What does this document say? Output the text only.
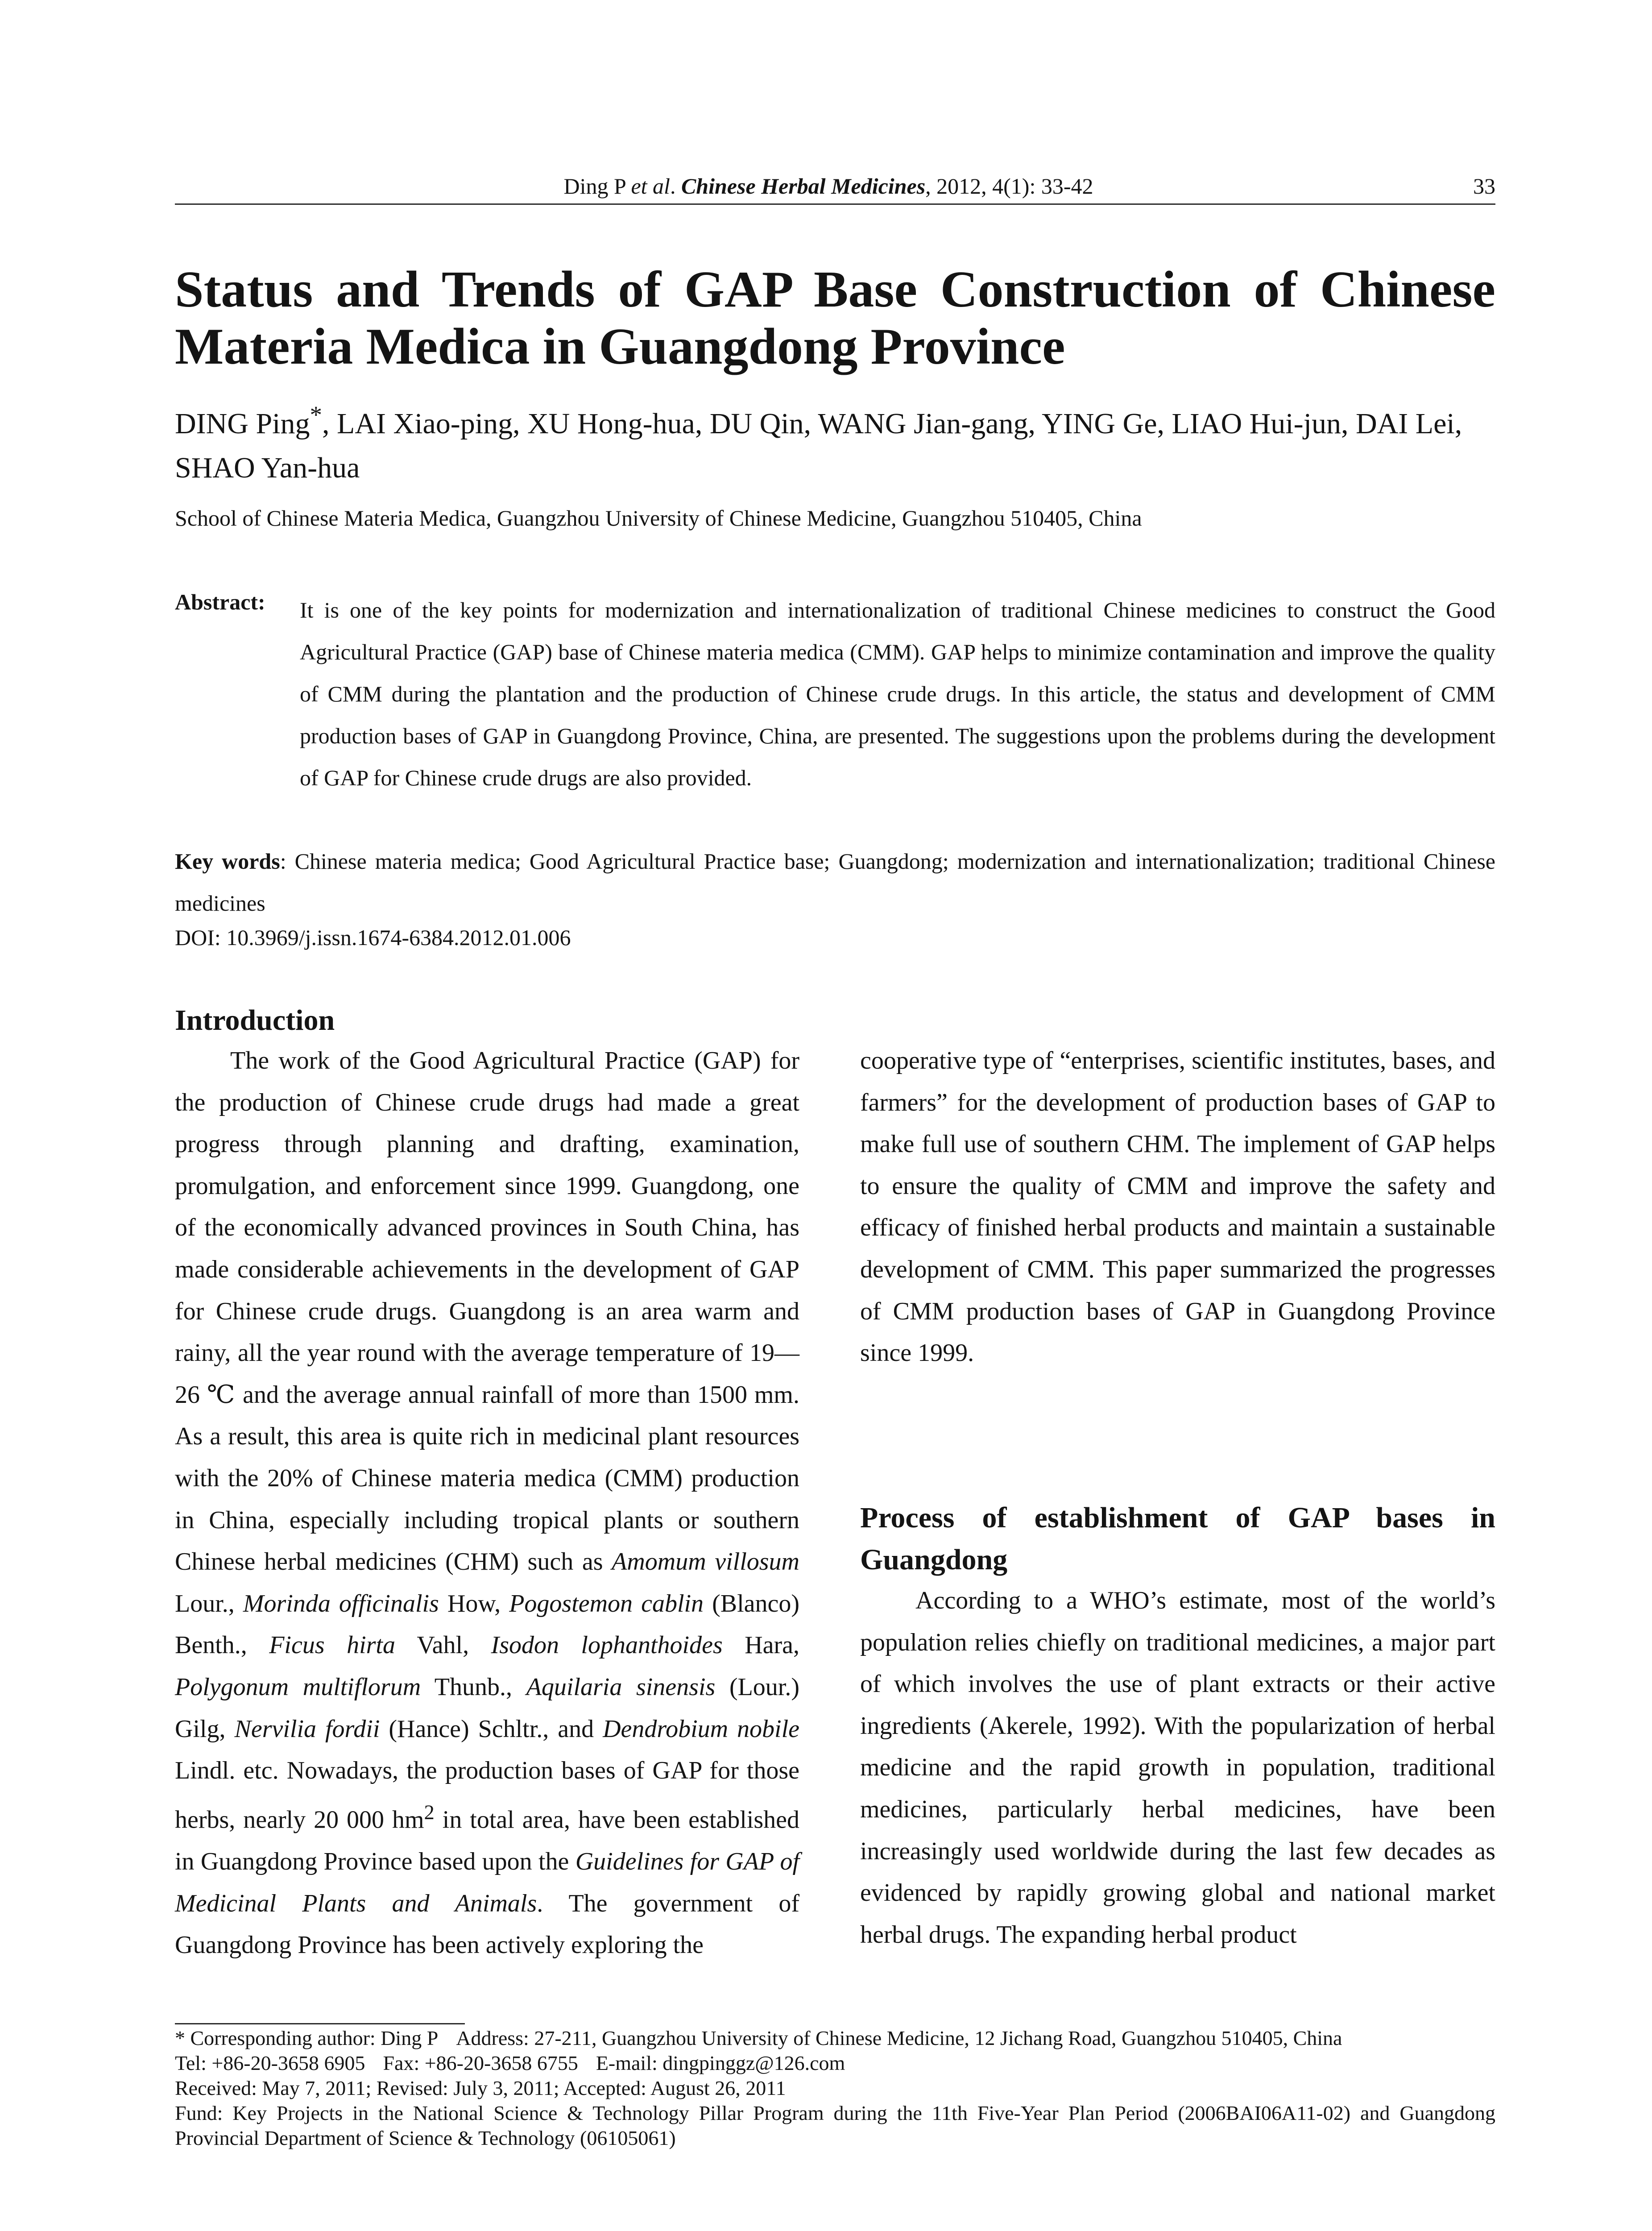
Ding P et al. Chinese Herbal Medicines, 2012, 4(1): 33-42	33
Status and Trends of GAP Base Construction of Chinese
Materia Medica in Guangdong Province
DING Ping*, LAI Xiao-ping, XU Hong-hua, DU Qin, WANG Jian-gang, YING Ge, LIAO Hui-jun, DAI Lei, SHAO Yan-hua
School of Chinese Materia Medica, Guangzhou University of Chinese Medicine, Guangzhou 510405, China
Abstract: It is one of the key points for modernization and internationalization of traditional Chinese medicines to construct the Good Agricultural Practice (GAP) base of Chinese materia medica (CMM). GAP helps to minimize contamination and improve the quality of CMM during the plantation and the production of Chinese crude drugs. In this article, the status and development of CMM production bases of GAP in Guangdong Province, China, are presented. The suggestions upon the problems during the development of GAP for Chinese crude drugs are also provided.
Key words: Chinese materia medica; Good Agricultural Practice base; Guangdong; modernization and internationalization; traditional Chinese medicines
DOI: 10.3969/j.issn.1674-6384.2012.01.006
Introduction

The work of the Good Agricultural Practice (GAP) for the production of Chinese crude drugs had made a great progress through planning and drafting, examination, promulgation, and enforcement since 1999. Guangdong, one of the economically advanced provinces in South China, has made considerable achievements in the development of GAP for Chinese crude drugs. Guangdong is an area warm and rainy, all the year round with the average temperature of 19—26 ℃ and the average annual rainfall of more than 1500 mm. As a result, this area is quite rich in medicinal plant resources with the 20% of Chinese materia medica (CMM) production in China, especially including tropical plants or southern Chinese herbal medicines (CHM) such as Amomum villosum Lour., Morinda officinalis How, Pogostemon cablin (Blanco) Benth., Ficus hirta Vahl, Isodon lophanthoides Hara, Polygonum multiflorum Thunb., Aquilaria sinensis (Lour.) Gilg, Nervilia fordii (Hance) Schltr., and Dendrobium nobile Lindl. etc. Nowadays, the production bases of GAP for those herbs, nearly 20 000 $hm^2$ in total area, have been established in Guangdong Province based upon the Guidelines for GAP of Medicinal Plants and Animals. The government of Guangdong Province has been actively exploring the

Process of establishment of GAP bases in Guangdong

According to a WHO’s estimate, most of the world’s population relies chiefly on traditional medicines, a major part of which involves the use of plant extracts or their active ingredients (Akerele, 1992). With the popularization of herbal medicine and the rapid growth in population, traditional medicines, particularly herbal medicines, have been increasingly used worldwide during the last few decades as evidenced by rapidly growing global and national market herbal drugs. The expanding herbal product

* Corresponding author: Ding P Address: 27-211, Guangzhou University of Chinese Medicine, 12 Jichang Road, Guangzhou 510405, China
Tel: +86-20-3658 6905 Fax: +86-20-3658 6755 E-mail: dingpinggz@126.com
Received: May 7, 2011; Revised: July 3, 2011; Accepted: August 26, 2011
Fund: Key Projects in the National Science & Technology Pillar Program during the 11th Five-Year Plan Period (2006BAI06A11-02) and Guangdong Provincial Department of Science & Technology (06105061)

cooperative type of “enterprises, scientific institutes, bases, and farmers” for the development of production bases of GAP to make full use of southern CHM. The implement of GAP helps to ensure the quality of CMM and improve the safety and efficacy of finished herbal products and maintain a sustainable development of CMM. This paper summarized the progresses of CMM production bases of GAP in Guangdong Province since 1999.
